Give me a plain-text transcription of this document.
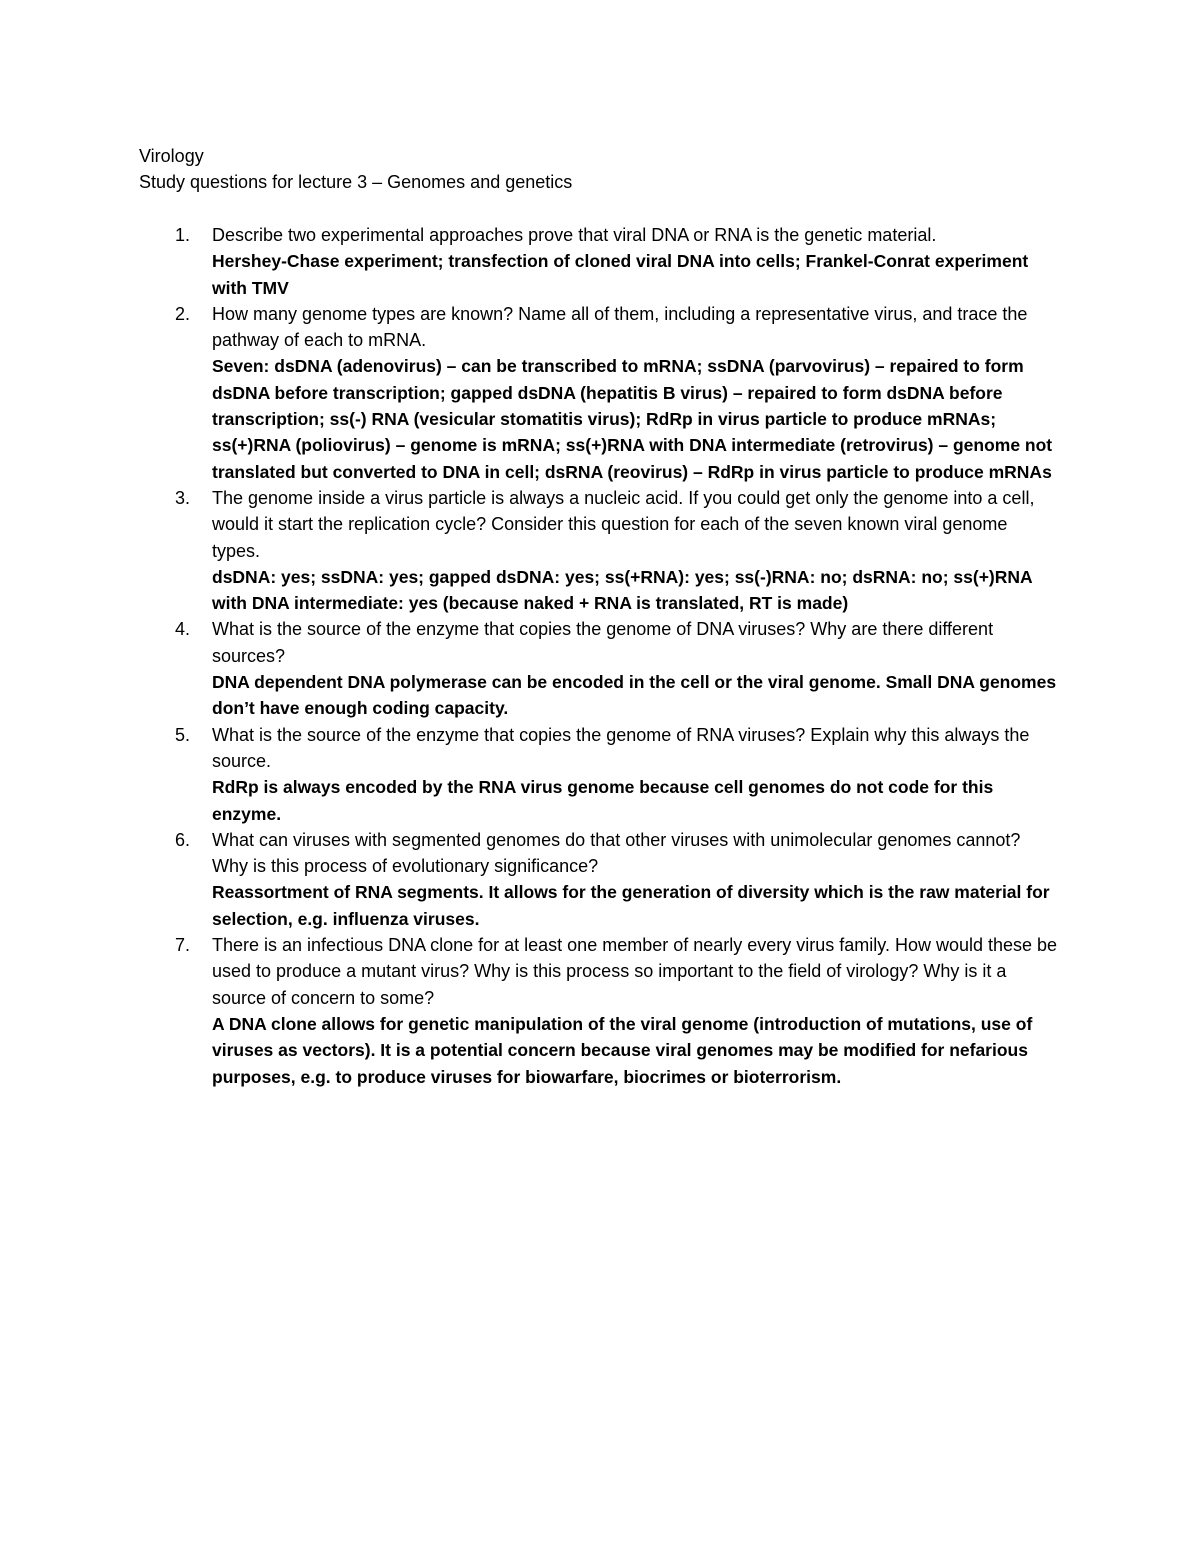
Virology
Study questions for lecture 3 – Genomes and genetics
1. Describe two experimental approaches prove that viral DNA or RNA is the genetic material.
Hershey-Chase experiment; transfection of cloned viral DNA into cells; Frankel-Conrat experiment with TMV
2. How many genome types are known? Name all of them, including a representative virus, and trace the pathway of each to mRNA.
Seven: dsDNA (adenovirus) – can be transcribed to mRNA; ssDNA (parvovirus) – repaired to form dsDNA before transcription; gapped dsDNA (hepatitis B virus) – repaired to form dsDNA before transcription; ss(-) RNA (vesicular stomatitis virus); RdRp in virus particle to produce mRNAs; ss(+)RNA (poliovirus) – genome is mRNA; ss(+)RNA with DNA intermediate (retrovirus) – genome not translated but converted to DNA in cell; dsRNA (reovirus) – RdRp in virus particle to produce mRNAs
3. The genome inside a virus particle is always a nucleic acid. If you could get only the genome into a cell, would it start the replication cycle? Consider this question for each of the seven known viral genome types.
dsDNA: yes; ssDNA: yes; gapped dsDNA: yes; ss(+RNA): yes; ss(-)RNA: no; dsRNA: no; ss(+)RNA with DNA intermediate: yes (because naked + RNA is translated, RT is made)
4. What is the source of the enzyme that copies the genome of DNA viruses? Why are there different sources?
DNA dependent DNA polymerase can be encoded in the cell or the viral genome. Small DNA genomes don’t have enough coding capacity.
5. What is the source of the enzyme that copies the genome of RNA viruses? Explain why this always the source.
RdRp is always encoded by the RNA virus genome because cell genomes do not code for this enzyme.
6. What can viruses with segmented genomes do that other viruses with unimolecular genomes cannot? Why is this process of evolutionary significance?
Reassortment of RNA segments. It allows for the generation of diversity which is the raw material for selection, e.g. influenza viruses.
7. There is an infectious DNA clone for at least one member of nearly every virus family. How would these be used to produce a mutant virus? Why is this process so important to the field of virology? Why is it a source of concern to some?
A DNA clone allows for genetic manipulation of the viral genome (introduction of mutations, use of viruses as vectors). It is a potential concern because viral genomes may be modified for nefarious purposes, e.g. to produce viruses for biowarfare, biocrimes or bioterrorism.
